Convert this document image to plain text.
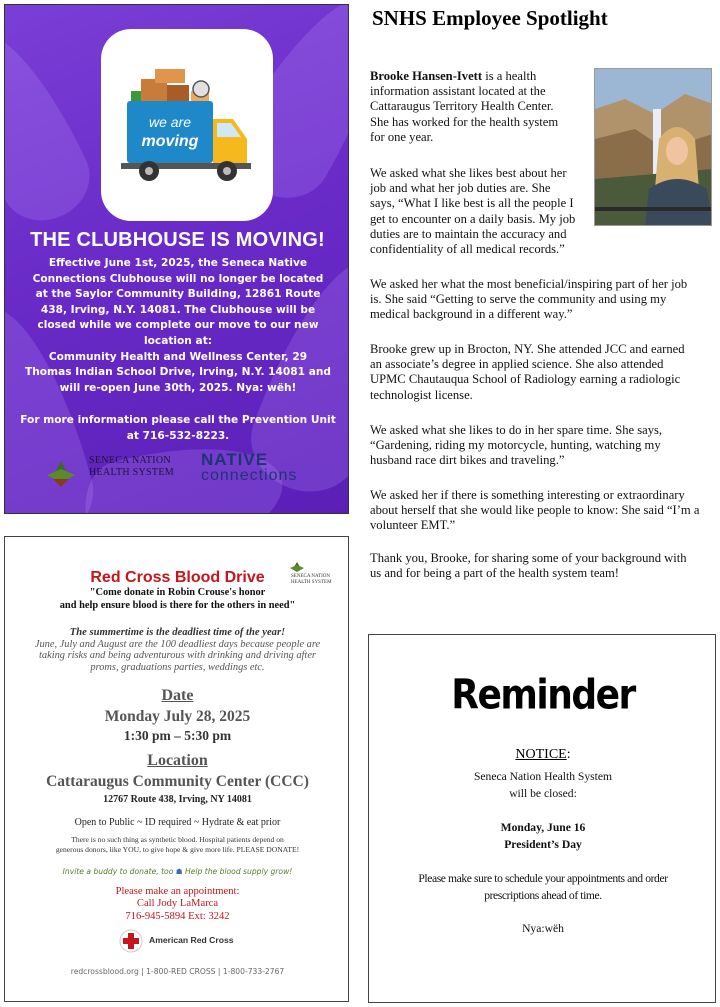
we are
moving
THE CLUBHOUSE IS MOVING!
Effective June 1st, 2025, the Seneca Native
Connections Clubhouse will no longer be located
at the Saylor Community Building, 12861 Route
438, Irving, N.Y. 14081. The Clubhouse will be
closed while we complete our move to our new
location at:
Community Health and Wellness Center, 29
Thomas Indian School Drive, Irving, N.Y. 14081 and
will re-open June 30th, 2025. Nya: wëh!
For more information please call the Prevention Unit
at 716-532-8223.
SENECA NATION
HEALTH SYSTEM
NATIVE
connections
SNHS Employee Spotlight
Brooke Hansen-Ivett is a health
information assistant located at the
Cattaraugus Territory Health Center.
She has worked for the health system
for one year.
We asked what she likes best about her
job and what her job duties are. She
says, “What I like best is all the people I
get to encounter on a daily basis. My job
duties are to maintain the accuracy and
confidentiality of all medical records.”
We asked her what the most beneficial/inspiring part of her job
is. She said “Getting to serve the community and using my
medical background in a different way.”
Brooke grew up in Brocton, NY. She attended JCC and earned
an associate’s degree in applied science. She also attended
UPMC Chautauqua School of Radiology earning a radiologic
technologist license.
We asked what she likes to do in her spare time. She says,
“Gardening, riding my motorcycle, hunting, watching my
husband race dirt bikes and traveling.”
We asked her if there is something interesting or extraordinary
about herself that she would like people to know: She said “I’m a
volunteer EMT.”
Thank you, Brooke, for sharing some of your background with
us and for being a part of the health system team!
Red Cross Blood Drive	SENECA NATION
HEALTH SYSTEM
"Come donate in Robin Crouse's honor
and help ensure blood is there for the others in need"
The summertime is the deadliest time of the year!
June, July and August are the 100 deadliest days because people are
taking risks and being adventurous with drinking and driving after
proms, graduations parties, weddings etc.
Date
Monday July 28, 2025
1:30 pm – 5:30 pm
Location
Cattaraugus Community Center (CCC)
12767 Route 438, Irving, NY 14081
Open to Public ~ ID required ~ Hydrate & eat prior
There is no such thing as synthetic blood. Hospital patients depend on
generous donors, like YOU, to give hope & give more life. PLEASE DONATE!
Invite a buddy to donate, too ☗ Help the blood supply grow!
Please make an appointment:
Call Jody LaMarca
716-945-5894 Ext: 3242
American Red Cross
redcrossblood.org | 1-800-RED CROSS | 1-800-733-2767
Reminder
NOTICE:
Seneca Nation Health System
will be closed:
Monday, June 16
President’s Day
Please make sure to schedule your appointments and order
prescriptions ahead of time.
Nya:wëh
